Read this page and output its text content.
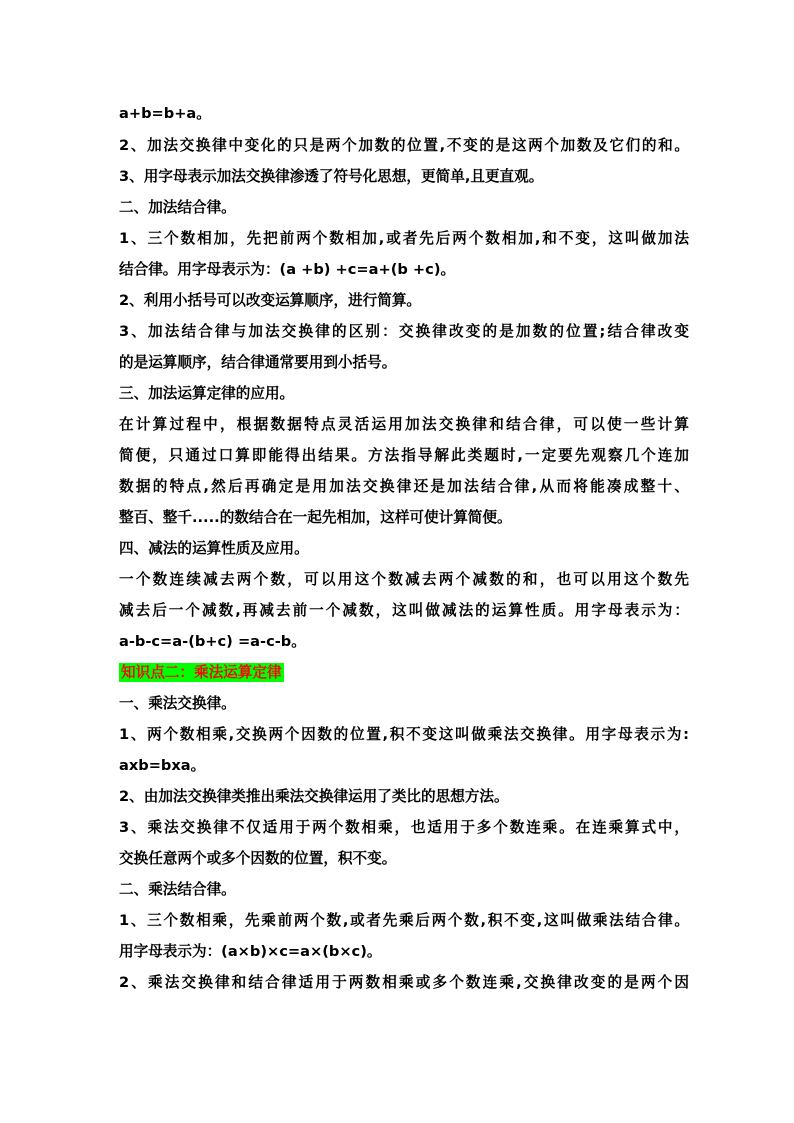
a+b=b+a。
2、加法交换律中变化的只是两个加数的位置,不变的是这两个加数及它们的和。
3、用字母表示加法交换律渗透了符号化思想，更简单,且更直观。
二、加法结合律。
1、三个数相加，先把前两个数相加,或者先后两个数相加,和不变，这叫做加法
结合律。用字母表示为：(a +b) +c=a+(b +c)。
2、利用小括号可以改变运算顺序，进行简算。
3、加法结合律与加法交换律的区别：交换律改变的是加数的位置;结合律改变
的是运算顺序，结合律通常要用到小括号。
三、加法运算定律的应用。
在计算过程中，根据数据特点灵活运用加法交换律和结合律，可以使一些计算
简便，只通过口算即能得出结果。方法指导解此类题时,一定要先观察几个连加
数据的特点,然后再确定是用加法交换律还是加法结合律,从而将能凑成整十、
整百、整千.....的数结合在一起先相加，这样可使计算简便。
四、减法的运算性质及应用。
一个数连续减去两个数，可以用这个数减去两个减数的和，也可以用这个数先
减去后一个减数,再减去前一个减数，这叫做减法的运算性质。用字母表示为：
a-b-c=a-(b+c) =a-c-b。
知识点二：乘法运算定律
一、乘法交换律。
1、两个数相乘,交换两个因数的位置,积不变这叫做乘法交换律。用字母表示为:
axb=bxa。
2、由加法交换律类推出乘法交换律运用了类比的思想方法。
3、乘法交换律不仅适用于两个数相乘，也适用于多个数连乘。在连乘算式中，
交换任意两个或多个因数的位置，积不变。
二、乘法结合律。
1、三个数相乘，先乘前两个数,或者先乘后两个数,积不变,这叫做乘法结合律。
用字母表示为：(a×b)×c=a×(b×c)。
2、乘法交换律和结合律适用于两数相乘或多个数连乘,交换律改变的是两个因
